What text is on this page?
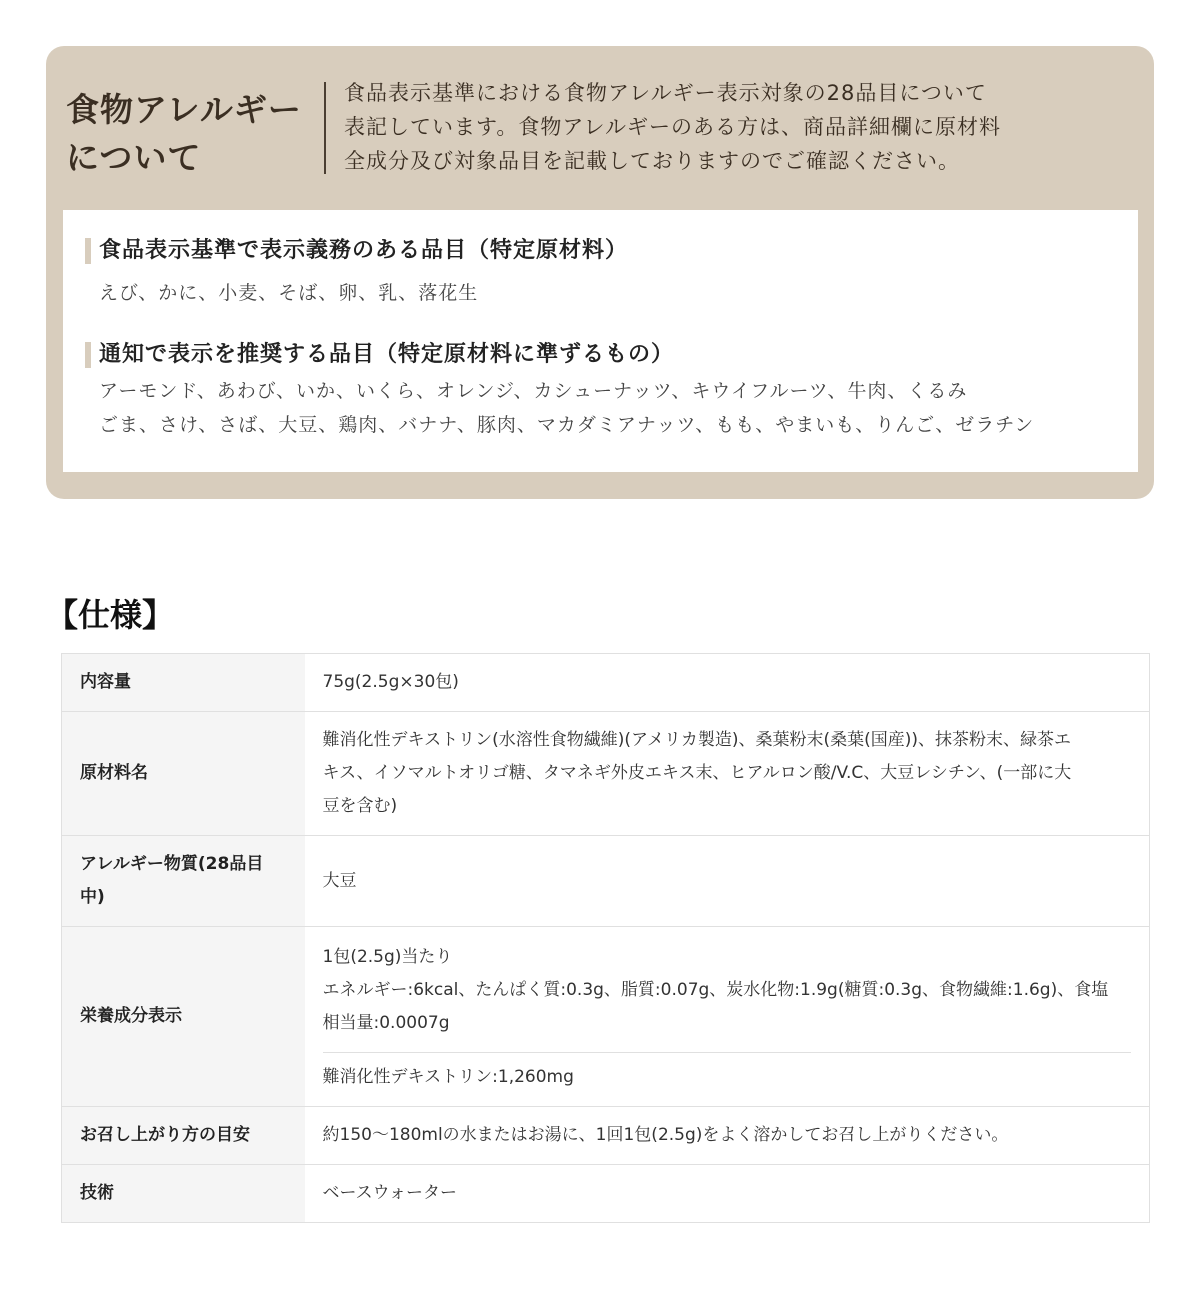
食物アレルギー
について
食品表示基準における食物アレルギー表示対象の28品目について
表記しています。食物アレルギーのある方は、商品詳細欄に原材料
全成分及び対象品目を記載しておりますのでご確認ください。
食品表示基準で表示義務のある品目（特定原材料）
えび、かに、小麦、そば、卵、乳、落花生
通知で表示を推奨する品目（特定原材料に準ずるもの）
アーモンド、あわび、いか、いくら、オレンジ、カシューナッツ、キウイフルーツ、牛肉、くるみ
ごま、さけ、さば、大豆、鶏肉、バナナ、豚肉、マカダミアナッツ、もも、やまいも、りんご、ゼラチン
【仕様】
内容量	75g(2.5g×30包)
原材料名	難消化性デキストリン(水溶性食物繊維)(アメリカ製造)、桑葉粉末(桑葉(国産))、抹茶粉末、緑茶エ
キス、イソマルトオリゴ糖、タマネギ外皮エキス末、ヒアルロン酸/V.C、大豆レシチン、(一部に大
豆を含む)

アレルギー物質(28品目
中)	大豆
栄養成分表示	1包(2.5g)当たり
エネルギー:6kcal、たんぱく質:0.3g、脂質:0.07g、炭水化物:1.9g(糖質:0.3g、食物繊維:1.6g)、食塩
相当量:0.0007g
難消化性デキストリン:1,260mg

お召し上がり方の目安	約150〜180mlの水またはお湯に、1回1包(2.5g)をよく溶かしてお召し上がりください。
技術	ベースウォーター
